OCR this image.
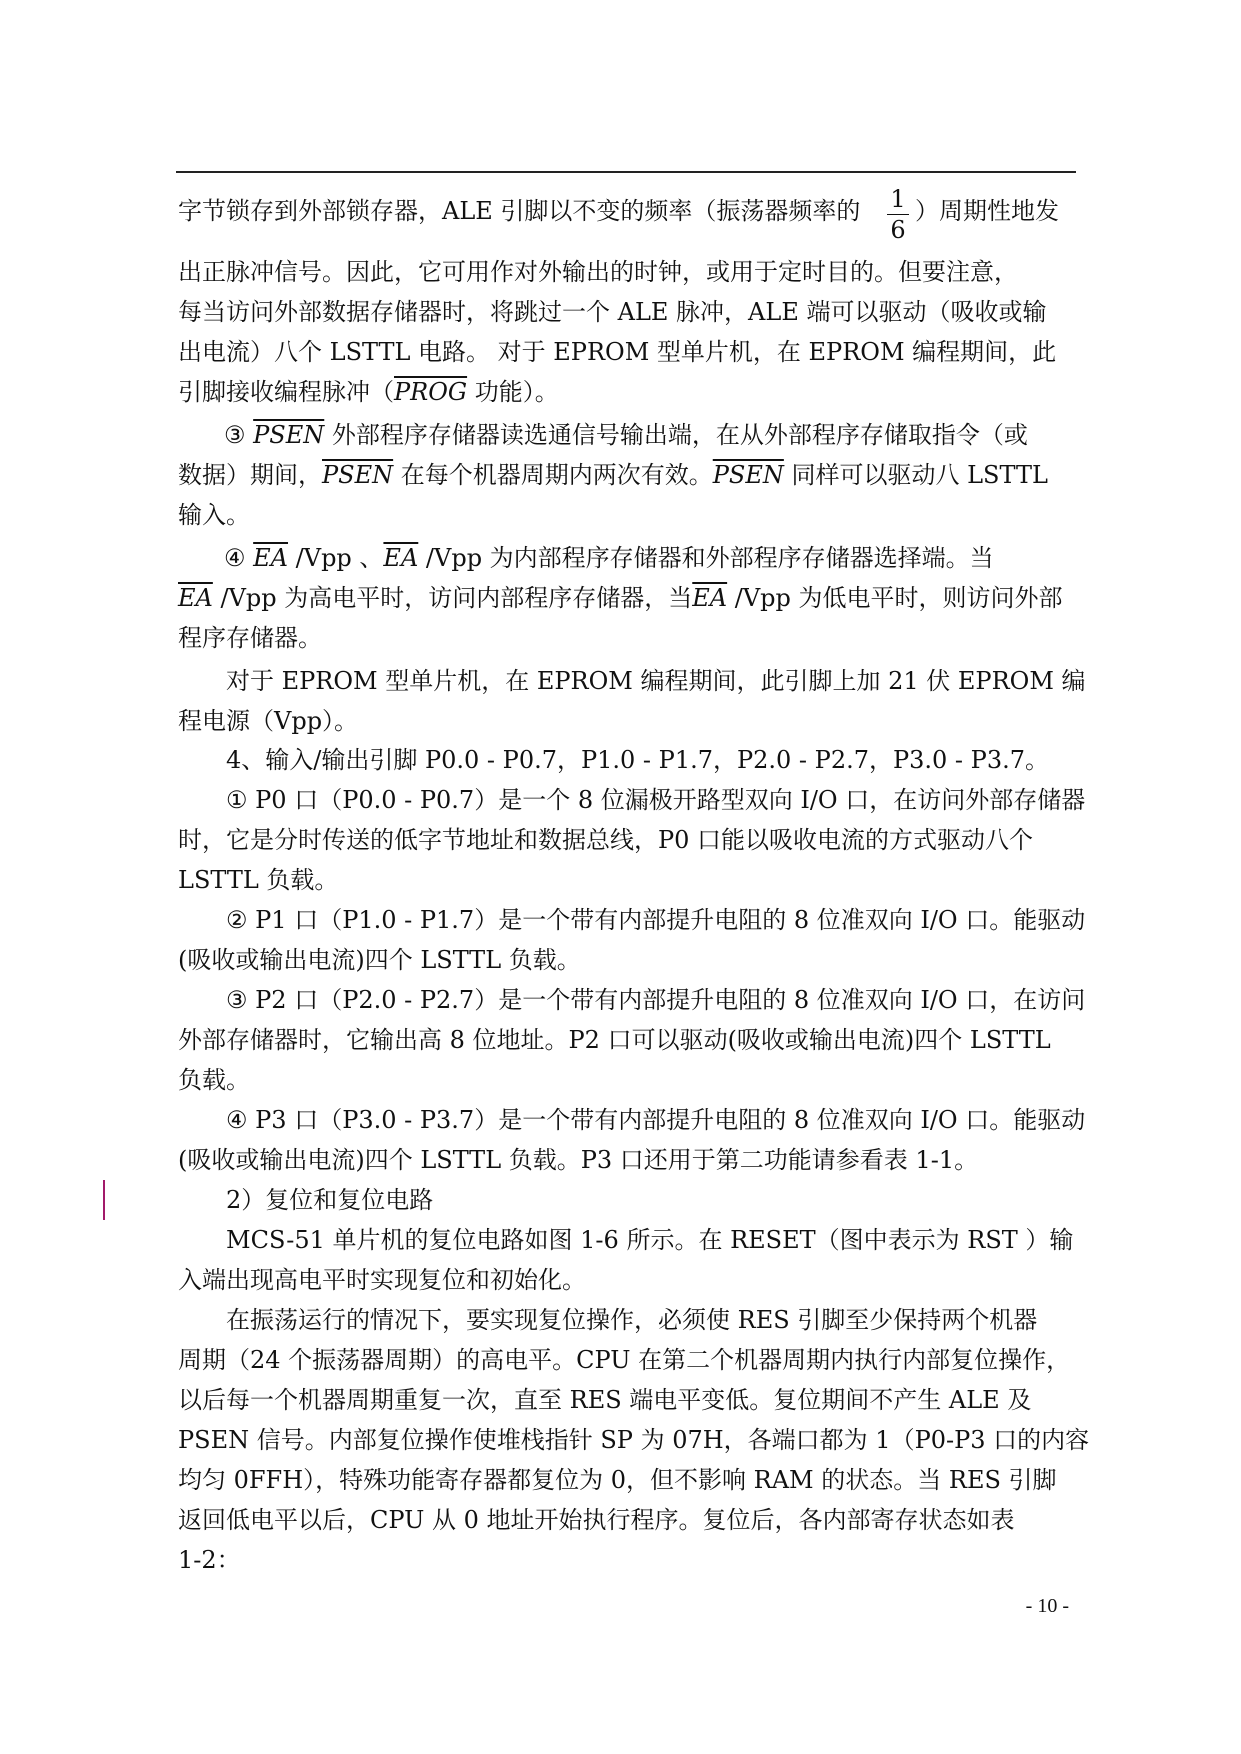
字节锁存到外部锁存器，ALE 引脚以不变的频率（振荡器频率的 1
6
）周期性地发
出正脉冲信号。因此，它可用作对外输出的时钟，或用于定时目的。但要注意，
每当访问外部数据存储器时，将跳过一个 ALE 脉冲，ALE 端可以驱动（吸收或输
出电流）八个 LSTTL 电路。 对于 EPROM 型单片机，在 EPROM 编程期间，此
引脚接收编程脉冲（PROG 功能）。
③ PSEN 外部程序存储器读选通信号输出端，在从外部程序存储取指令（或
数据）期间，PSEN 在每个机器周期内两次有效。PSEN 同样可以驱动八 LSTTL
输入。
④ $\overline{EA}$ /Vpp 、$\overline{EA}$ /Vpp 为内部程序存储器和外部程序存储器选择端。当
$\overline{EA}$ /Vpp 为高电平时，访问内部程序存储器，当$\overline{EA}$ /Vpp 为低电平时，则访问外部
程序存储器。
对于 EPROM 型单片机，在 EPROM 编程期间，此引脚上加 21 伏 EPROM 编
程电源（Vpp）。
4、输入/输出引脚 P0.0 - P0.7，P1.0 - P1.7，P2.0 - P2.7，P3.0 - P3.7。
① P0 口（P0.0 - P0.7）是一个 8 位漏极开路型双向 I/O 口，在访问外部存储器
时，它是分时传送的低字节地址和数据总线，P0 口能以吸收电流的方式驱动八个
LSTTL 负载。
② P1 口（P1.0 - P1.7）是一个带有内部提升电阻的 8 位准双向 I/O 口。能驱动
(吸收或输出电流)四个 LSTTL 负载。
③ P2 口（P2.0 - P2.7）是一个带有内部提升电阻的 8 位准双向 I/O 口，在访问
外部存储器时，它输出高 8 位地址。P2 口可以驱动(吸收或输出电流)四个 LSTTL
负载。
④ P3 口（P3.0 - P3.7）是一个带有内部提升电阻的 8 位准双向 I/O 口。能驱动
(吸收或输出电流)四个 LSTTL 负载。P3 口还用于第二功能请参看表 1-1。
2）复位和复位电路
MCS-51 单片机的复位电路如图 1-6 所示。在 RESET（图中表示为 RST ）输
入端出现高电平时实现复位和初始化。
在振荡运行的情况下，要实现复位操作，必须使 RES 引脚至少保持两个机器
周期（24 个振荡器周期）的高电平。CPU 在第二个机器周期内执行内部复位操作，
以后每一个机器周期重复一次，直至 RES 端电平变低。复位期间不产生 ALE 及
PSEN 信号。内部复位操作使堆栈指针 SP 为 07H，各端口都为 1（P0-P3 口的内容
均匀 0FFH），特殊功能寄存器都复位为 0，但不影响 RAM 的状态。当 RES 引脚
返回低电平以后，CPU 从 0 地址开始执行程序。复位后，各内部寄存状态如表
1-2：
- 10 -
